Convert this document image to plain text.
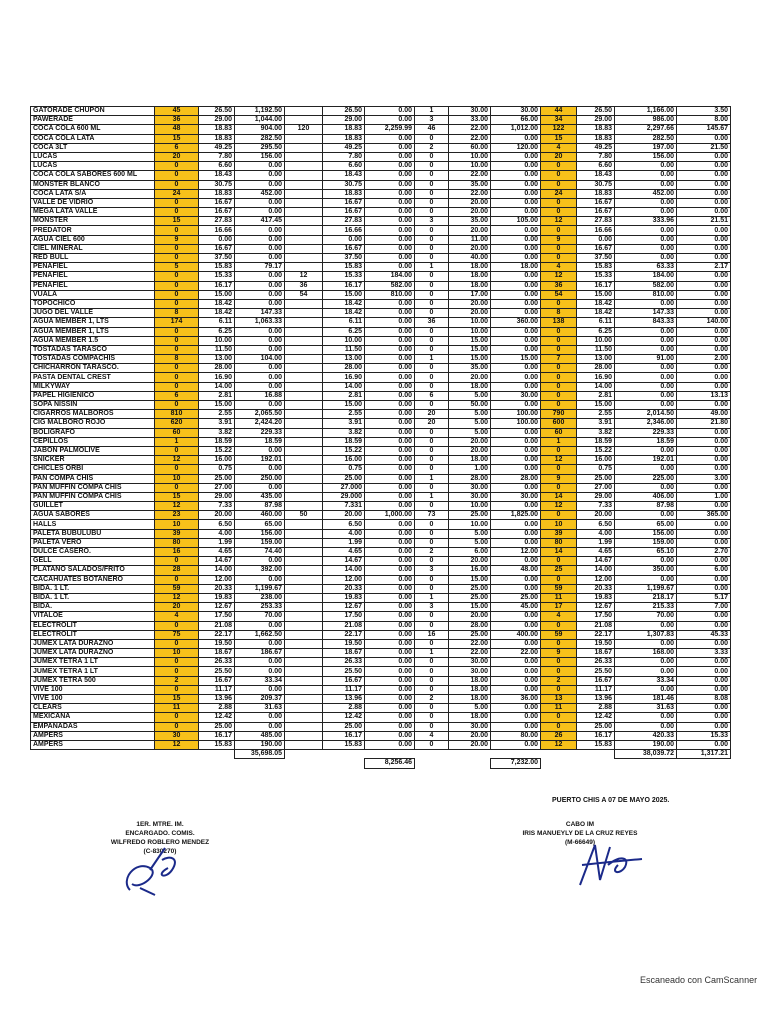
GATORADE CHUPON	45	26.50	1,192.50		26.50	0.00	1	30.00	30.00	44	26.50	1,166.00	3.50
PAWERADE	36	29.00	1,044.00		29.00	0.00	3	33.00	66.00	34	29.00	986.00	8.00
COCA COLA 600 ML	48	18.83	904.00	120	18.83	2,259.99	46	22.00	1,012.00	122	18.83	2,297.66	145.67
COCA COLA LATA	15	18.83	282.50		18.83	0.00	0	22.00	0.00	15	18.83	282.50	0.00
COCA 3LT	6	49.25	295.50		49.25	0.00	2	60.00	120.00	4	49.25	197.00	21.50
LUCAS	20	7.80	156.00		7.80	0.00	0	10.00	0.00	20	7.80	156.00	0.00
LUCAS	0	6.60	0.00		6.60	0.00	0	10.00	0.00	0	6.60	0.00	0.00
COCA COLA SABORES 600 ML	0	18.43	0.00		18.43	0.00	0	22.00	0.00	0	18.43	0.00	0.00
MONSTER BLANCO	0	30.75	0.00		30.75	0.00	0	35.00	0.00	0	30.75	0.00	0.00
COCA LATA S/A	24	18.83	452.00		18.83	0.00	0	22.00	0.00	24	18.83	452.00	0.00
VALLE DE VIDRIO	0	16.67	0.00		16.67	0.00	0	20.00	0.00	0	16.67	0.00	0.00
MEGA LATA VALLE	0	16.67	0.00		16.67	0.00	0	20.00	0.00	0	16.67	0.00	0.00
MONSTER	15	27.83	417.45		27.83	0.00	3	35.00	105.00	12	27.83	333.96	21.51
PREDATOR	0	16.66	0.00		16.66	0.00	0	20.00	0.00	0	16.66	0.00	0.00
AGUA CIEL 600	9	0.00	0.00		0.00	0.00	0	11.00	0.00	9	0.00	0.00	0.00
CIEL MINERAL	0	16.67	0.00		16.67	0.00	0	20.00	0.00	0	16.67	0.00	0.00
RED BULL	0	37.50	0.00		37.50	0.00	0	40.00	0.00	0	37.50	0.00	0.00
PEÑAFIEL	5	15.83	79.17		15.83	0.00	1	18.00	18.00	4	15.83	63.33	2.17
PEÑAFIEL	0	15.33	0.00	12	15.33	184.00	0	18.00	0.00	12	15.33	184.00	0.00
PEÑAFIEL	0	16.17	0.00	36	16.17	582.00	0	18.00	0.00	36	16.17	582.00	0.00
VUALA	0	15.00	0.00	54	15.00	810.00	0	17.00	0.00	54	15.00	810.00	0.00
TOPOCHICO	0	18.42	0.00		18.42	0.00	0	20.00	0.00	0	18.42	0.00	0.00
JUGO DEL VALLE	8	18.42	147.33		18.42	0.00	0	20.00	0.00	8	18.42	147.33	0.00
AGUA MEMBER 1, LTS	174	6.11	1,063.33		6.11	0.00	36	10.00	360.00	138	6.11	843.33	140.00
AGUA MEMBER 1, LTS	0	6.25	0.00		6.25	0.00	0	10.00	0.00	0	6.25	0.00	0.00
AGUA MEMBER 1.5	0	10.00	0.00		10.00	0.00	0	15.00	0.00	0	10.00	0.00	0.00
TOSTADAS TARASCO	0	11.50	0.00		11.50	0.00	0	15.00	0.00	0	11.50	0.00	0.00
TOSTADAS COMPACHIS	8	13.00	104.00		13.00	0.00	1	15.00	15.00	7	13.00	91.00	2.00
CHICHARRON TARASCO.	0	28.00	0.00		28.00	0.00	0	35.00	0.00	0	28.00	0.00	0.00
PASTA DENTAL CREST	0	16.90	0.00		16.90	0.00	0	20.00	0.00	0	16.90	0.00	0.00
MILKYWAY	0	14.00	0.00		14.00	0.00	0	18.00	0.00	0	14.00	0.00	0.00
PAPEL HIGIENICO	6	2.81	16.88		2.81	0.00	6	5.00	30.00	0	2.81	0.00	13.13
SOPA NISSIN	0	15.00	0.00		15.00	0.00	0	50.00	0.00	0	15.00	0.00	0.00
CIGARROS MALBOROS	810	2.55	2,065.50		2.55	0.00	20	5.00	100.00	790	2.55	2,014.50	49.00
CIG MALBORO ROJO	620	3.91	2,424.20		3.91	0.00	20	5.00	100.00	600	3.91	2,346.00	21.80
BOLIGRAFO	60	3.82	229.33		3.82	0.00	0	5.00	0.00	60	3.82	229.33	0.00
CEPILLOS	1	18.59	18.59		18.59	0.00	0	20.00	0.00	1	18.59	18.59	0.00
JABON PALMOLIVE	0	15.22	0.00		15.22	0.00	0	20.00	0.00	0	15.22	0.00	0.00
SNICKER	12	16.00	192.01		16.00	0.00	0	18.00	0.00	12	16.00	192.01	0.00
CHICLES ORBI	0	0.75	0.00		0.75	0.00	0	1.00	0.00	0	0.75	0.00	0.00
PAN COMPA CHIS	10	25.00	250.00		25.00	0.00	1	28.00	28.00	9	25.00	225.00	3.00
PAN MUFFIN COMPA CHIS	0	27.00	0.00		27.000	0.00	0	30.00	0.00	0	27.00	0.00	0.00
PAN MUFFIN COMPA CHIS	15	29.00	435.00		29.000	0.00	1	30.00	30.00	14	29.00	406.00	1.00
GUILLET	12	7.33	87.98		7.331	0.00	0	10.00	0.00	12	7.33	87.98	0.00
AGUA SABORES	23	20.00	460.00	50	20.00	1,000.00	73	25.00	1,825.00	0	20.00	0.00	365.00
HALLS	10	6.50	65.00		6.50	0.00	0	10.00	0.00	10	6.50	65.00	0.00
PALETA BUBULUBU	39	4.00	156.00		4.00	0.00	0	5.00	0.00	39	4.00	156.00	0.00
PALETA VERO	80	1.99	159.00		1.99	0.00	0	5.00	0.00	80	1.99	159.00	0.00
DULCE CASERO.	16	4.65	74.40		4.65	0.00	2	6.00	12.00	14	4.65	65.10	2.70
GELL	0	14.67	0.00		14.67	0.00	0	20.00	0.00	0	14.67	0.00	0.00
PLATANO SALADOS/FRITO	28	14.00	392.00		14.00	0.00	3	16.00	48.00	25	14.00	350.00	6.00
CACAHUATES BOTANERO	0	12.00	0.00		12.00	0.00	0	15.00	0.00	0	12.00	0.00	0.00
BIDA. 1 LT.	59	20.33	1,199.67		20.33	0.00	0	25.00	0.00	59	20.33	1,199.67	0.00
BIDA. 1 LT.	12	19.83	238.00		19.83	0.00	1	25.00	25.00	11	19.83	218.17	5.17
BIDA.	20	12.67	253.33		12.67	0.00	3	15.00	45.00	17	12.67	215.33	7.00
VITALOE	4	17.50	70.00		17.50	0.00	0	20.00	0.00	4	17.50	70.00	0.00
ELECTROLIT	0	21.08	0.00		21.08	0.00	0	28.00	0.00	0	21.08	0.00	0.00
ELECTROLIT	75	22.17	1,662.50		22.17	0.00	16	25.00	400.00	59	22.17	1,307.83	45.33
JUMEX LATA DURAZNO	0	19.50	0.00		19.50	0.00	0	22.00	0.00	0	19.50	0.00	0.00
JUMEX LATA DURAZNO	10	18.67	186.67		18.67	0.00	1	22.00	22.00	9	18.67	168.00	3.33
JUMEX TETRA 1 LT	0	26.33	0.00		26.33	0.00	0	30.00	0.00	0	26.33	0.00	0.00
JUMEX TETRA 1 LT	0	25.50	0.00		25.50	0.00	0	30.00	0.00	0	25.50	0.00	0.00
JUMEX TETRA 500	2	16.67	33.34		16.67	0.00	0	18.00	0.00	2	16.67	33.34	0.00
VIVE 100	0	11.17	0.00		11.17	0.00	0	18.00	0.00	0	11.17	0.00	0.00
VIVE 100	15	13.96	209.37		13.96	0.00	2	18.00	36.00	13	13.96	181.46	8.08
CLEARS	11	2.88	31.63		2.88	0.00	0	5.00	0.00	11	2.88	31.63	0.00
MEXICANA	0	12.42	0.00		12.42	0.00	0	18.00	0.00	0	12.42	0.00	0.00
EMPANADAS	0	25.00	0.00		25.00	0.00	0	30.00	0.00	0	25.00	0.00	0.00
AMPERS	30	16.17	485.00		16.17	0.00	4	20.00	80.00	26	16.17	420.33	15.33
AMPERS	12	15.83	190.00		15.83	0.00	0	20.00	0.00	12	15.83	190.00	0.00
			35,698.05									38,039.72	1,317.21
						8,256.46			7,232.00				
PUERTO CHIS A 07 DE MAYO 2025.
1ER. MTRE. IM.
ENCARGADO. COMIS.
WILFREDO ROBLERO MENDEZ
(C-830270)
CABO IM
IRIS MANUEYLY DE LA CRUZ REYES
(M-66649)
Escaneado con CamScanner
